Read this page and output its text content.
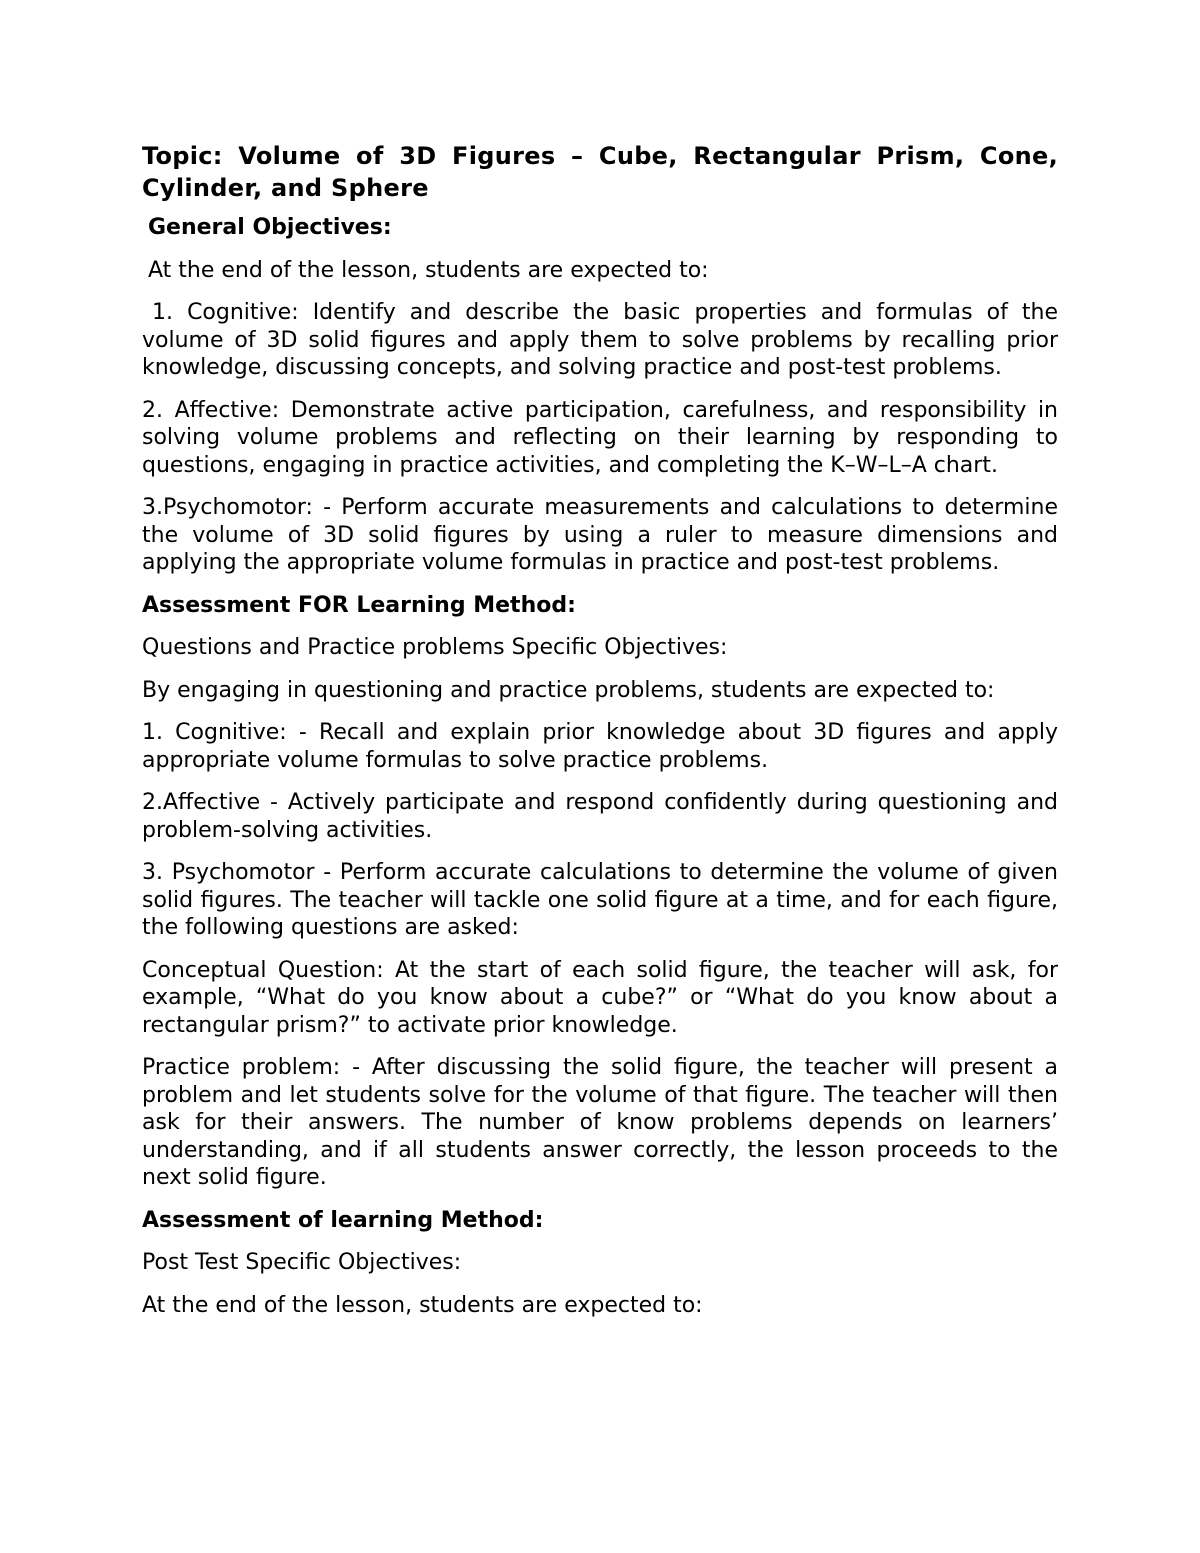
Topic: Volume of 3D Figures – Cube, Rectangular Prism, Cone, Cylinder, and Sphere

General Objectives:

At the end of the lesson, students are expected to:

1. Cognitive: Identify and describe the basic properties and formulas of the volume of 3D solid figures and apply them to solve problems by recalling prior knowledge, discussing concepts, and solving practice and post-test problems.

2. Affective: Demonstrate active participation, carefulness, and responsibility in solving volume problems and reflecting on their learning by responding to questions, engaging in practice activities, and completing the K–W–L–A chart.

3.Psychomotor: - Perform accurate measurements and calculations to determine the volume of 3D solid figures by using a ruler to measure dimensions and applying the appropriate volume formulas in practice and post-test problems.

Assessment FOR Learning Method:

Questions and Practice problems Specific Objectives:

By engaging in questioning and practice problems, students are expected to:

1. Cognitive: - Recall and explain prior knowledge about 3D figures and apply appropriate volume formulas to solve practice problems.

2.Affective - Actively participate and respond confidently during questioning and problem-solving activities.

3. Psychomotor - Perform accurate calculations to determine the volume of given solid figures. The teacher will tackle one solid figure at a time, and for each figure, the following questions are asked:

Conceptual Question: At the start of each solid figure, the teacher will ask, for example, “What do you know about a cube?” or “What do you know about a rectangular prism?” to activate prior knowledge.

Practice problem: - After discussing the solid figure, the teacher will present a problem and let students solve for the volume of that figure. The teacher will then ask for their answers. The number of know problems depends on learners’ understanding, and if all students answer correctly, the lesson proceeds to the next solid figure.

Assessment of learning Method:

Post Test Specific Objectives:

At the end of the lesson, students are expected to:
